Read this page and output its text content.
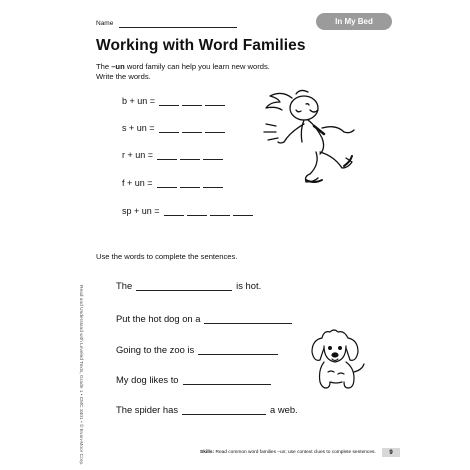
Name	In My Bed
Working with Word Families
The –un word family can help you learn new words.
Write the words.
b + un =
s + un =
r + un =
f + un =
sp + un =
Use the words to complete the sentences.
The	is hot.
Put the hot dog on a
Going to the zoo is
My dog likes to
The spider has	a web.
Read and Understand with Leveled Texts, Grade 1 • CMC 3401 • © Evan-Moor Corp.	Skills: Read common word families –un; use context clues to complete sentences.	9
